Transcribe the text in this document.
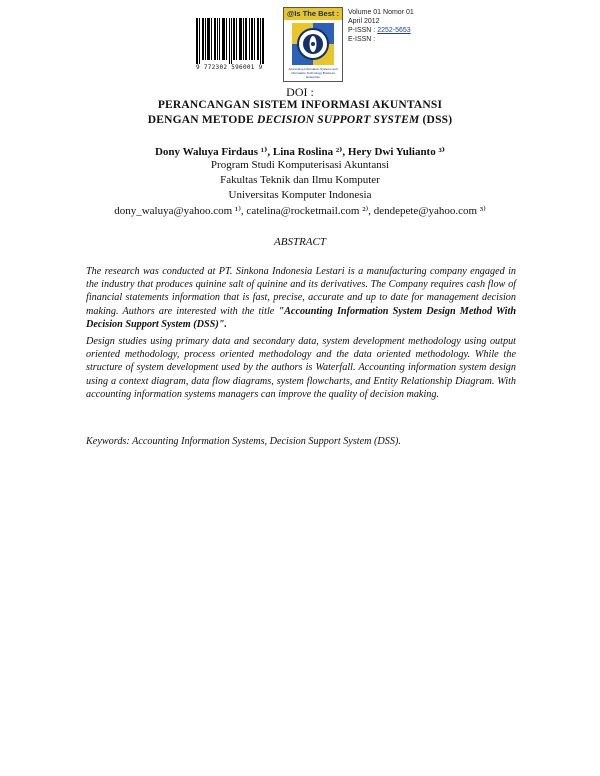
9 772302 596001 9
@Is The Best :
Accounting Information Systems and Information Technology Business Enterprise
Volume 01 Nomor 01
April 2012
P-ISSN : 2252-5653
E-ISSN :
DOI :
PERANCANGAN SISTEM INFORMASI AKUNTANSI
DENGAN METODE DECISION SUPPORT SYSTEM (DSS)
Dony Waluya Firdaus ¹⁾, Lina Roslina ²⁾, Hery Dwi Yulianto ³⁾
Program Studi Komputerisasi Akuntansi
Fakultas Teknik dan Ilmu Komputer
Universitas Komputer Indonesia
dony_waluya@yahoo.com ¹⁾, catelina@rocketmail.com ²⁾, dendepete@yahoo.com ³⁾
ABSTRACT
The research was conducted at PT. Sinkona Indonesia Lestari is a manufacturing company engaged in the industry that produces quinine salt of quinine and its derivatives. The Company requires cash flow of financial statements information that is fast, precise, accurate and up to date for management decision making. Authors are interested with the title "Accounting Information System Design Method With Decision Support System (DSS)".
Design studies using primary data and secondary data, system development methodology using output oriented methodology, process oriented methodology and the data oriented methodology. While the structure of system development used by the authors is Waterfall. Accounting information system design using a context diagram, data flow diagrams, system flowcharts, and Entity Relationship Diagram. With accounting information systems managers can improve the quality of decision making.
Keywords: Accounting Information Systems, Decision Support System (DSS).
